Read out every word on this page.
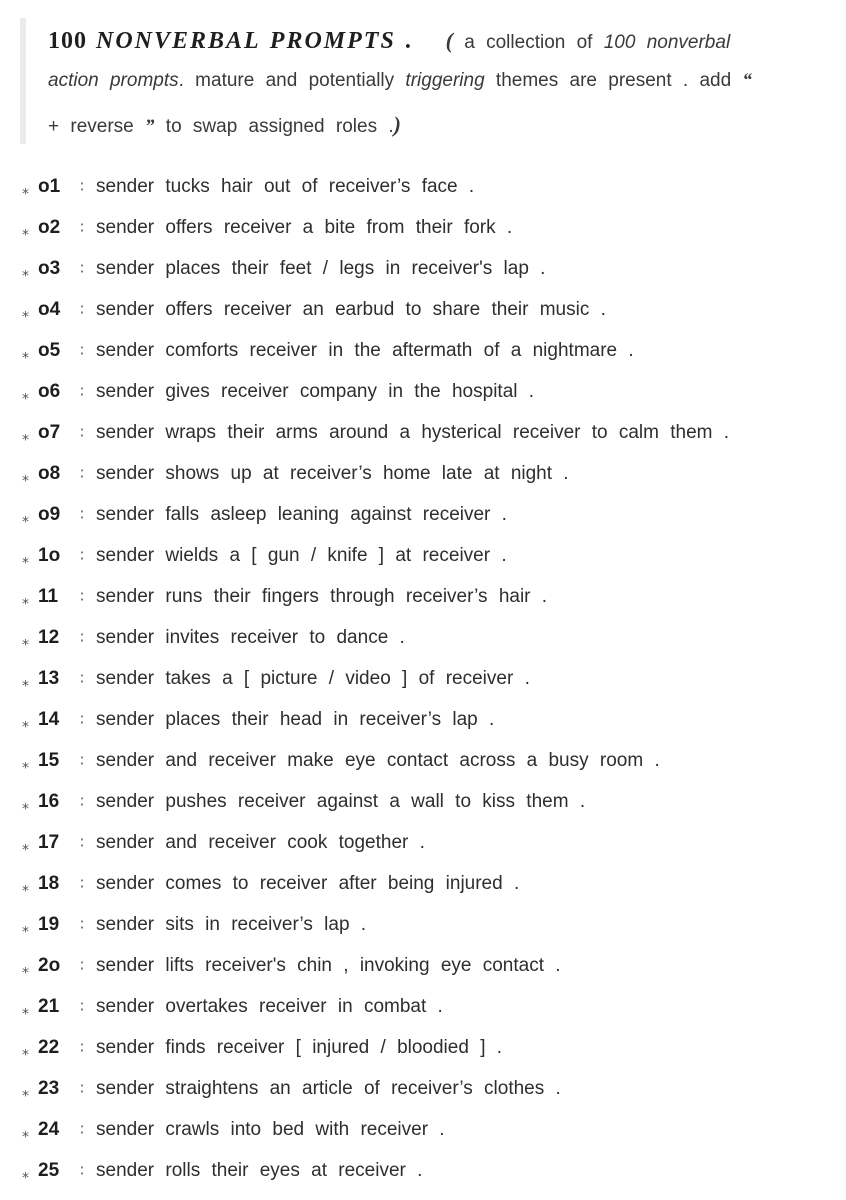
100 NONVERBAL PROMPTS . ( a collection of 100 nonverbal
action prompts. mature and potentially triggering themes are present . add “
+ reverse ” to swap assigned roles .)
⁎ o1	∶ sender tucks hair out of receiver’s face .
⁎ o2	∶ sender offers receiver a bite from their fork .
⁎ o3	∶ sender places their feet / legs in receiver's lap .
⁎ o4	∶ sender offers receiver an earbud to share their music .
⁎ o5	∶ sender comforts receiver in the aftermath of a nightmare .
⁎ o6	∶ sender gives receiver company in the hospital .
⁎ o7	∶ sender wraps their arms around a hysterical receiver to calm them .
⁎ o8	∶ sender shows up at receiver’s home late at night .
⁎ o9	∶ sender falls asleep leaning against receiver .
⁎ 1o	∶ sender wields a [ gun / knife ] at receiver .
⁎ 11	∶ sender runs their fingers through receiver’s hair .
⁎ 12	∶ sender invites receiver to dance .
⁎ 13	∶ sender takes a [ picture / video ] of receiver .
⁎ 14	∶ sender places their head in receiver’s lap .
⁎ 15	∶ sender and receiver make eye contact across a busy room .
⁎ 16	∶ sender pushes receiver against a wall to kiss them .
⁎ 17	∶ sender and receiver cook together .
⁎ 18	∶ sender comes to receiver after being injured .
⁎ 19	∶ sender sits in receiver’s lap .
⁎ 2o	∶ sender lifts receiver's chin , invoking eye contact .
⁎ 21	∶ sender overtakes receiver in combat .
⁎ 22	∶ sender finds receiver [ injured / bloodied ] .
⁎ 23	∶ sender straightens an article of receiver’s clothes .
⁎ 24	∶ sender crawls into bed with receiver .
⁎ 25	∶ sender rolls their eyes at receiver .
